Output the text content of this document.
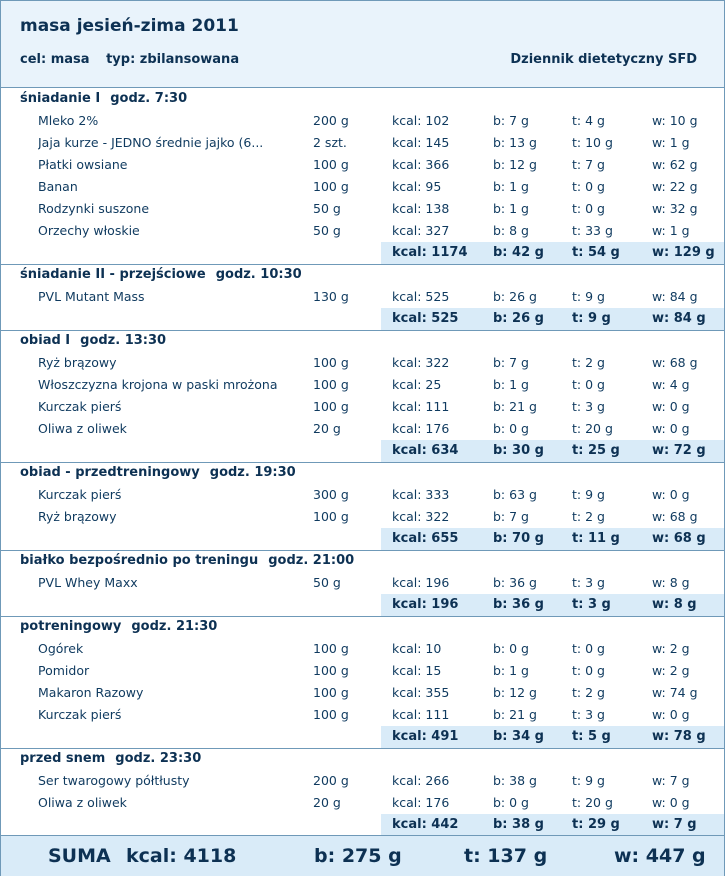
masa jesień-zima 2011
cel: masa typ: zbilansowana	Dziennik dietetyczny SFD
śniadanie I godz. 7:30
Mleko 2%	200 g	kcal: 102	b: 7 g	t: 4 g	w: 10 g
Jaja kurze - JEDNO średnie jajko (6...	2 szt.	kcal: 145	b: 13 g	t: 10 g	w: 1 g
Płatki owsiane	100 g	kcal: 366	b: 12 g	t: 7 g	w: 62 g
Banan	100 g	kcal: 95	b: 1 g	t: 0 g	w: 22 g
Rodzynki suszone	50 g	kcal: 138	b: 1 g	t: 0 g	w: 32 g
Orzechy włoskie	50 g	kcal: 327	b: 8 g	t: 33 g	w: 1 g
kcal: 1174 b: 42 g t: 54 g w: 129 g
śniadanie II - przejściowe godz. 10:30
PVL Mutant Mass	130 g	kcal: 525	b: 26 g	t: 9 g	w: 84 g
kcal: 525	b: 26 g t: 9 g	w: 84 g
obiad I godz. 13:30
Ryż brązowy	100 g	kcal: 322	b: 7 g	t: 2 g	w: 68 g
Włoszczyzna krojona w paski mrożona	100 g	kcal: 25	b: 1 g	t: 0 g	w: 4 g
Kurczak pierś	100 g	kcal: 111	b: 21 g	t: 3 g	w: 0 g
Oliwa z oliwek	20 g	kcal: 176	b: 0 g	t: 20 g	w: 0 g
kcal: 634	b: 30 g t: 25 g w: 72 g
obiad - przedtreningowy godz. 19:30
Kurczak pierś	300 g	kcal: 333	b: 63 g	t: 9 g	w: 0 g
Ryż brązowy	100 g	kcal: 322	b: 7 g	t: 2 g	w: 68 g
kcal: 655	b: 70 g t: 11 g w: 68 g
białko bezpośrednio po treningu godz. 21:00
PVL Whey Maxx	50 g	kcal: 196	b: 36 g	t: 3 g	w: 8 g
kcal: 196	b: 36 g t: 3 g	w: 8 g
potreningowy godz. 21:30
Ogórek	100 g	kcal: 10	b: 0 g	t: 0 g	w: 2 g
Pomidor	100 g	kcal: 15	b: 1 g	t: 0 g	w: 2 g
Makaron Razowy	100 g	kcal: 355	b: 12 g	t: 2 g	w: 74 g
Kurczak pierś	100 g	kcal: 111	b: 21 g	t: 3 g	w: 0 g
kcal: 491	b: 34 g t: 5 g	w: 78 g
przed snem godz. 23:30
Ser twarogowy półtłusty	200 g	kcal: 266	b: 38 g	t: 9 g	w: 7 g
Oliwa z oliwek	20 g	kcal: 176	b: 0 g	t: 20 g	w: 0 g
kcal: 442	b: 38 g t: 29 g w: 7 g
SUMA kcal: 4118	b: 275 g	t: 137 g	w: 447 g
